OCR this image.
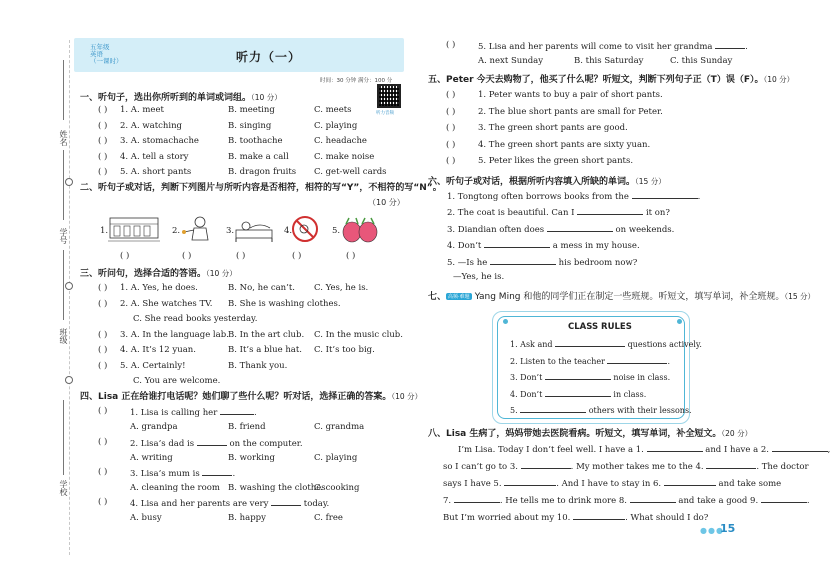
姓名
学号
班级
学校
五年级
英语
（一课时）	听力（一）
时间：30 分钟 满分：100 分
听力音频
一、听句子，选出你所听到的单词或词组。（10 分）
( ) 1. A. meet	B. meeting	C. meets
( ) 2. A. watching	B. singing	C. playing
( ) 3. A. stomachache	B. toothache	C. headache
( ) 4. A. tell a story	B. make a call	C. make noise
( ) 5. A. short pants	B. dragon fruits C. get-well cards
二、听句子或对话，判断下列图片与所听内容是否相符，相符的写“Y”，不相符的写“N”。
（10 分）
1.	2.	3.	4.	5.
( )	( )	( )	( )	( )
三、听问句，选择合适的答语。（10 分）
( ) 1. A. Yes, he does.	B. No, he can’t. C. Yes, he is.
( ) 2. A. She watches TV. B. She is washing clothes.
C. She read books yesterday.
( ) 3. A. In the language lab. B. In the art club. C. In the music club.
( ) 4. A. It’s 12 yuan.	B. It’s a blue hat. C. It’s too big.
( ) 5. A. Certainly!	B. Thank you.
C. You are welcome.
四、Lisa 正在给谁打电话呢？她们聊了些什么呢？听对话，选择正确的答案。（10 分）
( )	1. Lisa is calling her	.
A. grandpa	B. friend	C. grandma
( )	2. Lisa’s dad is	on the computer.
A. writing	B. working	C. playing
( )	3. Lisa’s mum is	.
A. cleaning the room B. washing the clothes
C. cooking
( )	4. Lisa and her parents are very	today.
A. busy	B. happy	C. free
( )	5. Lisa and her parents will come to visit her grandma	.
A. next Sunday	B. this Saturday	C. this Sunday
五、Peter 今天去购物了，他买了什么呢？听短文，判断下列句子正（T）误（F）。（10 分）
( )	1. Peter wants to buy a pair of short pants.
( )	2. The blue short pants are small for Peter.
( )	3. The green short pants are good.
( )	4. The green short pants are sixty yuan.
( )	5. Peter likes the green short pants.
六、听句子或对话，根据所听内容填入所缺的单词。（15 分）
1. Tongtong often borrows books from the	.
2. The coat is beautiful. Can I	it on?
3. Diandian often does	on weekends.
4. Don’t	a mess in my house.
5. —Is he	his bedroom now?
—Yes, he is.
七、 高频·难题 Yang Ming 和他的同学们正在制定一些班规。听短文，填写单词，补全班规。（15 分）
CLASS RULES
1. Ask and	questions actively.
2. Listen to the teacher	.
3. Don’t	noise in class.
4. Don’t	in class.
5.	others with their lessons.
八、Lisa 生病了，妈妈带她去医院看病。听短文，填写单词，补全短文。（20 分）
I’m Lisa. Today I don’t feel well. I have a 1.	and I have a 2.
so I can’t go to 3.	. My mother takes me to the 4.	. The doctor
says I have 5.	. And I have to stay in 6.	and take some
7.	. He tells me to drink more 8.	and take a good 9.	.
But I’m worried about my 10.	. What should I do?
●●●
15
